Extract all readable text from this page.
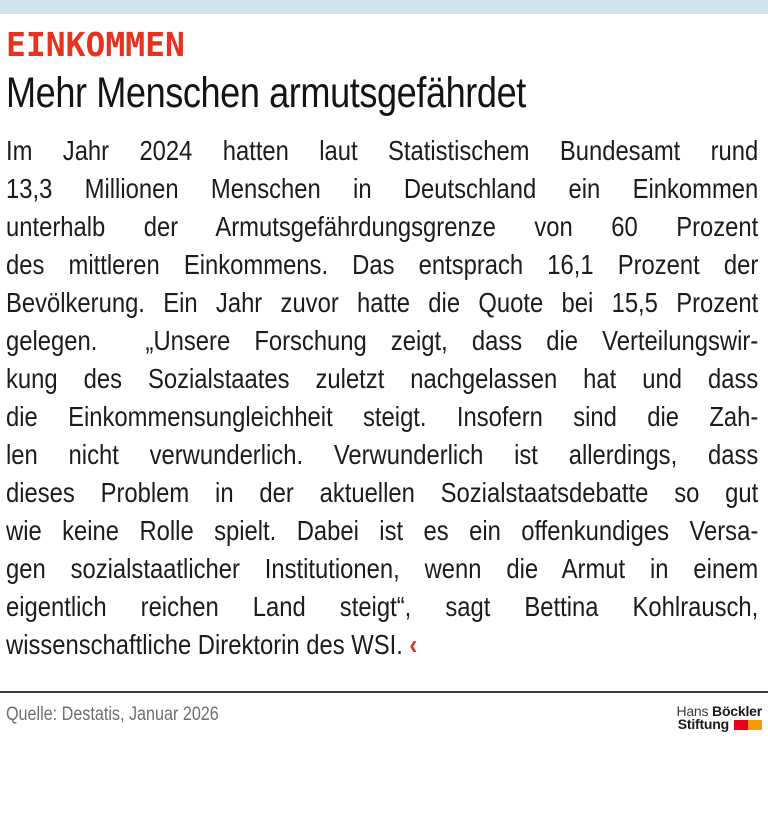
EINKOMMEN
Mehr Menschen armutsgefährdet
Im Jahr 2024 hatten laut Statistischem Bundesamt rund
13,3 Millionen Menschen in Deutschland ein Einkommen
unterhalb der Armutsgefährdungsgrenze von 60 Prozent
des mittleren Einkommens. Das entsprach 16,1 Prozent der
Bevölkerung. Ein Jahr zuvor hatte die Quote bei 15,5 Prozent
gelegen.  „Unsere Forschung zeigt, dass die Verteilungswir-
kung des Sozialstaates zuletzt nachgelassen hat und dass
die Einkommensungleichheit steigt. Insofern sind die Zah-
len nicht verwunderlich. Verwunderlich ist allerdings, dass
dieses Problem in der aktuellen Sozialstaatsdebatte so gut
wie keine Rolle spielt. Dabei ist es ein offenkundiges Versa-
gen sozialstaatlicher Institutionen, wenn die Armut in einem
eigentlich reichen Land steigt“, sagt Bettina Kohlrausch,
wissenschaftliche Direktorin des WSI. ‹
Quelle: Destatis, Januar 2026	Hans Böckler
Stiftung
